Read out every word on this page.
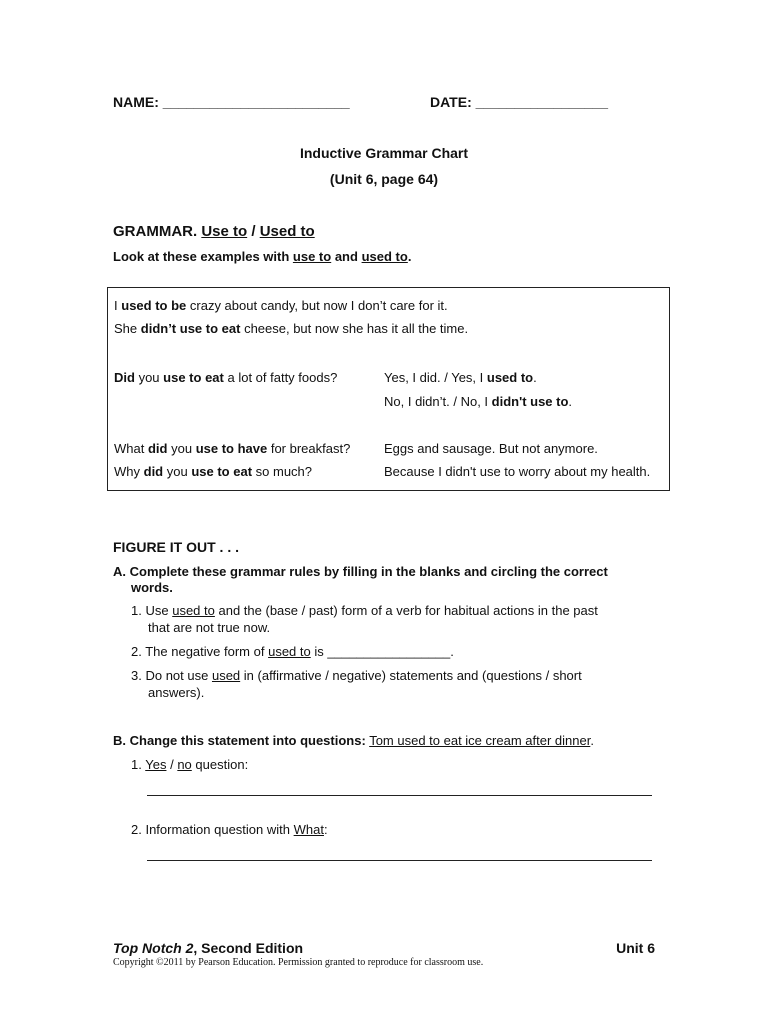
NAME: ________________________	DATE: _________________
Inductive Grammar Chart
(Unit 6, page 64)
GRAMMAR. Use to / Used to
Look at these examples with use to and used to.
I used to be crazy about candy, but now I don’t care for it.
She didn’t use to eat cheese, but now she has it all the time.
Did you use to eat a lot of fatty foods?	Yes, I did. / Yes, I used to.
No, I didn’t. / No, I didn't use to.
What did you use to have for breakfast?	Eggs and sausage. But not anymore.
Why did you use to eat so much?	Because I didn't use to worry about my health.
FIGURE IT OUT . . .
A. Complete these grammar rules by filling in the blanks and circling the correct
words.
1. Use used to and the (base / past) form of a verb for habitual actions in the past
that are not true now.
2. The negative form of used to is _________________.
3. Do not use used in (affirmative / negative) statements and (questions / short
answers).
B. Change this statement into questions: Tom used to eat ice cream after dinner.
1. Yes / no question:
2. Information question with What:
Top Notch 2, Second Edition	Unit 6
Copyright ©2011 by Pearson Education. Permission granted to reproduce for classroom use.
